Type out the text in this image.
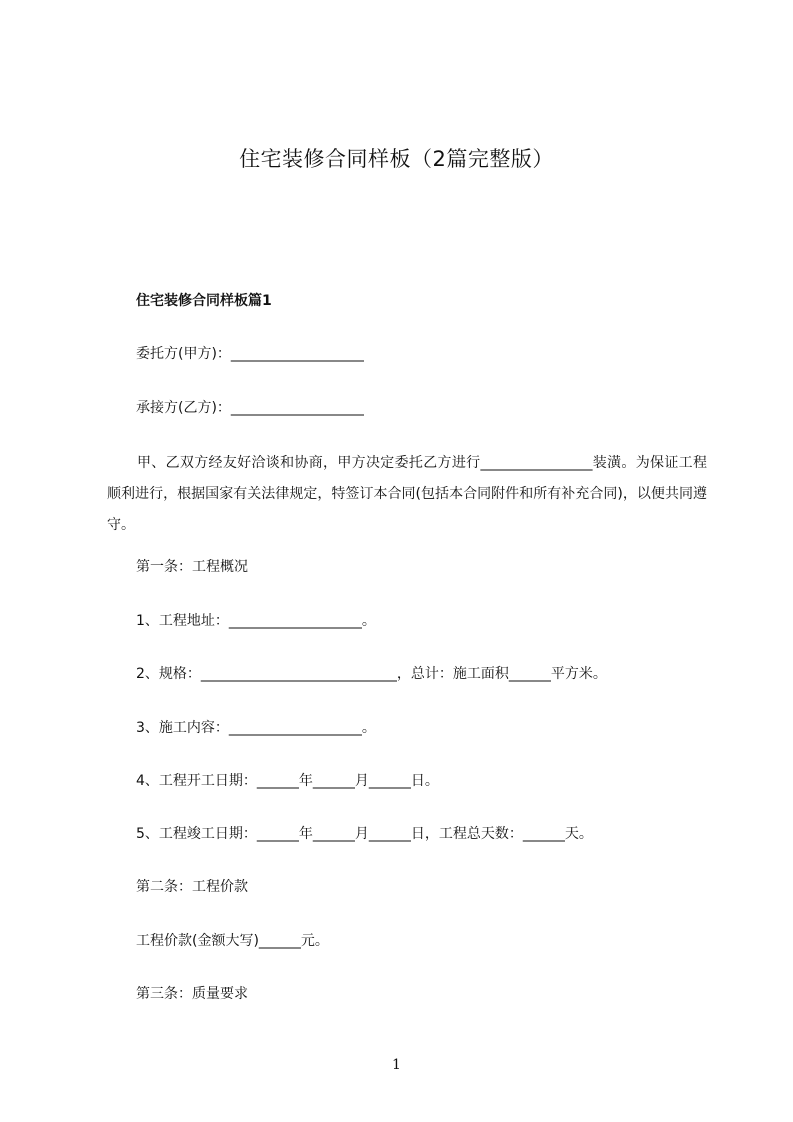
住宅装修合同样板（2篇完整版）
住宅装修合同样板篇1
委托方(甲方)：___________________
承接方(乙方)：___________________
甲、乙双方经友好洽谈和协商，甲方决定委托乙方进行________________装潢。为保证工程顺利进行，根据国家有关法律规定，特签订本合同(包括本合同附件和所有补充合同)，以便共同遵守。
第一条：工程概况
1、工程地址：___________________。
2、规格：____________________________，总计：施工面积______平方米。
3、施工内容：___________________。
4、工程开工日期：______年______月______日。
5、工程竣工日期：______年______月______日，工程总天数：______天。
第二条：工程价款
工程价款(金额大写)______元。
第三条：质量要求
1
